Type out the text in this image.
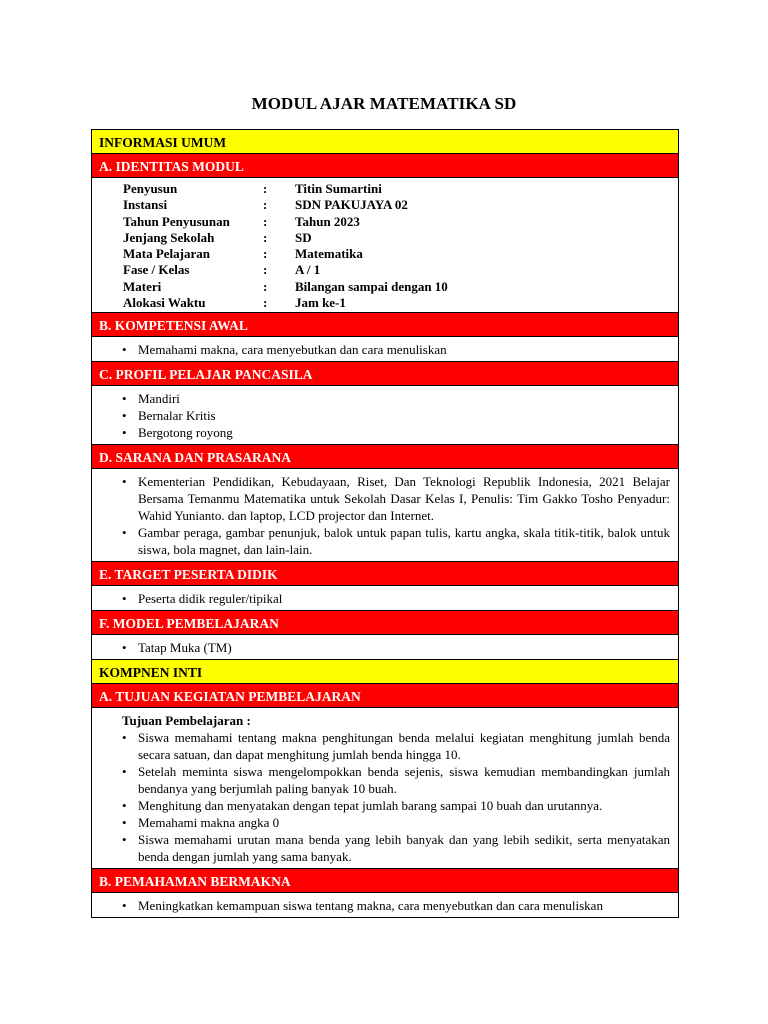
MODUL AJAR MATEMATIKA SD
INFORMASI UMUM
A. IDENTITAS MODUL
Penyusun	:	Titin Sumartini
Instansi	:	SDN PAKUJAYA 02
Tahun Penyusunan	:	Tahun 2023
Jenjang Sekolah	:	SD
Mata Pelajaran	:	Matematika
Fase / Kelas	:	A / 1
Materi	:	Bilangan sampai dengan 10
Alokasi Waktu	:	Jam ke-1
B. KOMPETENSI AWAL
• Memahami makna, cara menyebutkan dan cara menuliskan
C. PROFIL PELAJAR PANCASILA
• Mandiri
• Bernalar Kritis
• Bergotong royong
D. SARANA DAN PRASARANA
• Kementerian Pendidikan, Kebudayaan, Riset, Dan Teknologi Republik Indonesia, 2021 Belajar Bersama Temanmu Matematika untuk Sekolah Dasar Kelas I, Penulis: Tim Gakko Tosho Penyadur: Wahid Yunianto. dan laptop, LCD projector dan Internet.
• Gambar peraga, gambar penunjuk, balok untuk papan tulis, kartu angka, skala titik-titik, balok untuk siswa, bola magnet, dan lain-lain.
E. TARGET PESERTA DIDIK
• Peserta didik reguler/tipikal
F. MODEL PEMBELAJARAN
• Tatap Muka (TM)
KOMPNEN INTI
A. TUJUAN KEGIATAN PEMBELAJARAN
Tujuan Pembelajaran :
• Siswa memahami tentang makna penghitungan benda melalui kegiatan menghitung jumlah benda secara satuan, dan dapat menghitung jumlah benda hingga 10.
• Setelah meminta siswa mengelompokkan benda sejenis, siswa kemudian membandingkan jumlah bendanya yang berjumlah paling banyak 10 buah.
• Menghitung dan menyatakan dengan tepat jumlah barang sampai 10 buah dan urutannya.
• Memahami makna angka 0
• Siswa memahami urutan mana benda yang lebih banyak dan yang lebih sedikit, serta menyatakan benda dengan jumlah yang sama banyak.
B. PEMAHAMAN BERMAKNA
• Meningkatkan kemampuan siswa tentang makna, cara menyebutkan dan cara menuliskan
